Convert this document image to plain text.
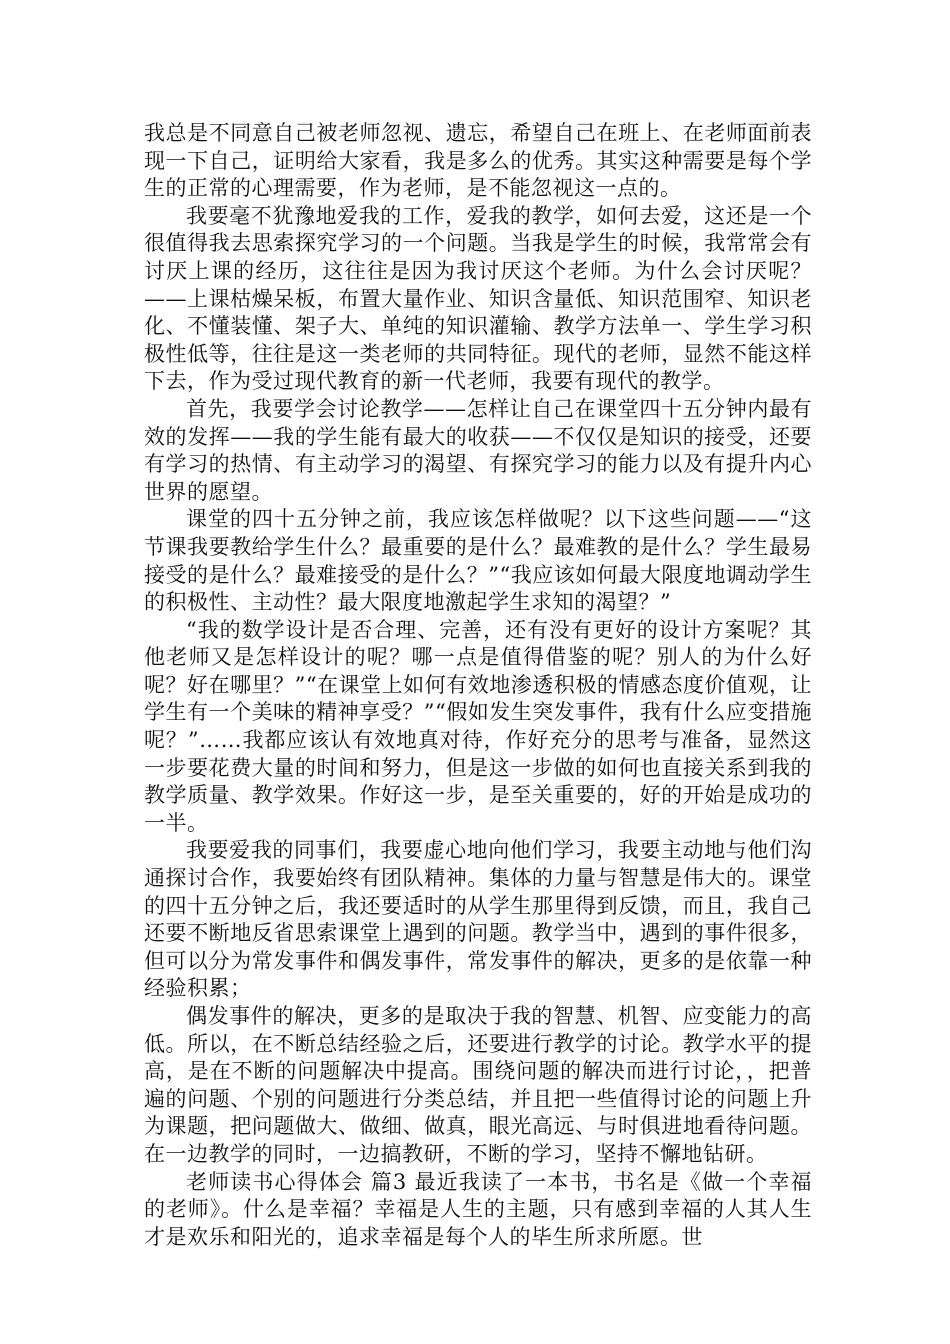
我总是不同意自己被老师忽视、遗忘，希望自己在班上、在老师面前表现一下自己，证明给大家看，我是多么的优秀。其实这种需要是每个学生的正常的心理需要，作为老师，是不能忽视这一点的。

我要毫不犹豫地爱我的工作，爱我的教学，如何去爱，这还是一个很值得我去思索探究学习的一个问题。当我是学生的时候，我常常会有讨厌上课的经历，这往往是因为我讨厌这个老师。为什么会讨厌呢？——上课枯燥呆板，布置大量作业、知识含量低、知识范围窄、知识老化、不懂装懂、架子大、单纯的知识灌输、教学方法单一、学生学习积极性低等，往往是这一类老师的共同特征。现代的老师，显然不能这样下去，作为受过现代教育的新一代老师，我要有现代的教学。

首先，我要学会讨论教学——怎样让自己在课堂四十五分钟内最有效的发挥——我的学生能有最大的收获——不仅仅是知识的接受，还要有学习的热情、有主动学习的渴望、有探究学习的能力以及有提升内心世界的愿望。

课堂的四十五分钟之前，我应该怎样做呢？以下这些问题——“这节课我要教给学生什么？最重要的是什么？最难教的是什么？学生最易接受的是什么？最难接受的是什么？”“我应该如何最大限度地调动学生的积极性、主动性？最大限度地激起学生求知的渴望？”

“我的数学设计是否合理、完善，还有没有更好的设计方案呢？其他老师又是怎样设计的呢？哪一点是值得借鉴的呢？别人的为什么好呢？好在哪里？”“在课堂上如何有效地渗透积极的情感态度价值观，让学生有一个美味的精神享受？”“假如发生突发事件，我有什么应变措施呢？”……我都应该认有效地真对待，作好充分的思考与准备，显然这一步要花费大量的时间和努力，但是这一步做的如何也直接关系到我的教学质量、教学效果。作好这一步，是至关重要的，好的开始是成功的一半。

我要爱我的同事们，我要虚心地向他们学习，我要主动地与他们沟通探讨合作，我要始终有团队精神。集体的力量与智慧是伟大的。课堂的四十五分钟之后，我还要适时的从学生那里得到反馈，而且，我自己还要不断地反省思索课堂上遇到的问题。教学当中，遇到的事件很多，但可以分为常发事件和偶发事件，常发事件的解决，更多的是依靠一种经验积累；

偶发事件的解决，更多的是取决于我的智慧、机智、应变能力的高低。所以，在不断总结经验之后，还要进行教学的讨论。教学水平的提高，是在不断的问题解决中提高。围绕问题的解决而进行讨论，，把普遍的问题、个别的问题进行分类总结，并且把一些值得讨论的问题上升为课题，把问题做大、做细、做真，眼光高远、与时俱进地看待问题。在一边教学的同时，一边搞教研，不断的学习，坚持不懈地钻研。

老师读书心得体会 篇3 最近我读了一本书，书名是《做一个幸福的老师》。什么是幸福？幸福是人生的主题，只有感到幸福的人其人生才是欢乐和阳光的，追求幸福是每个人的毕生所求所愿。世
